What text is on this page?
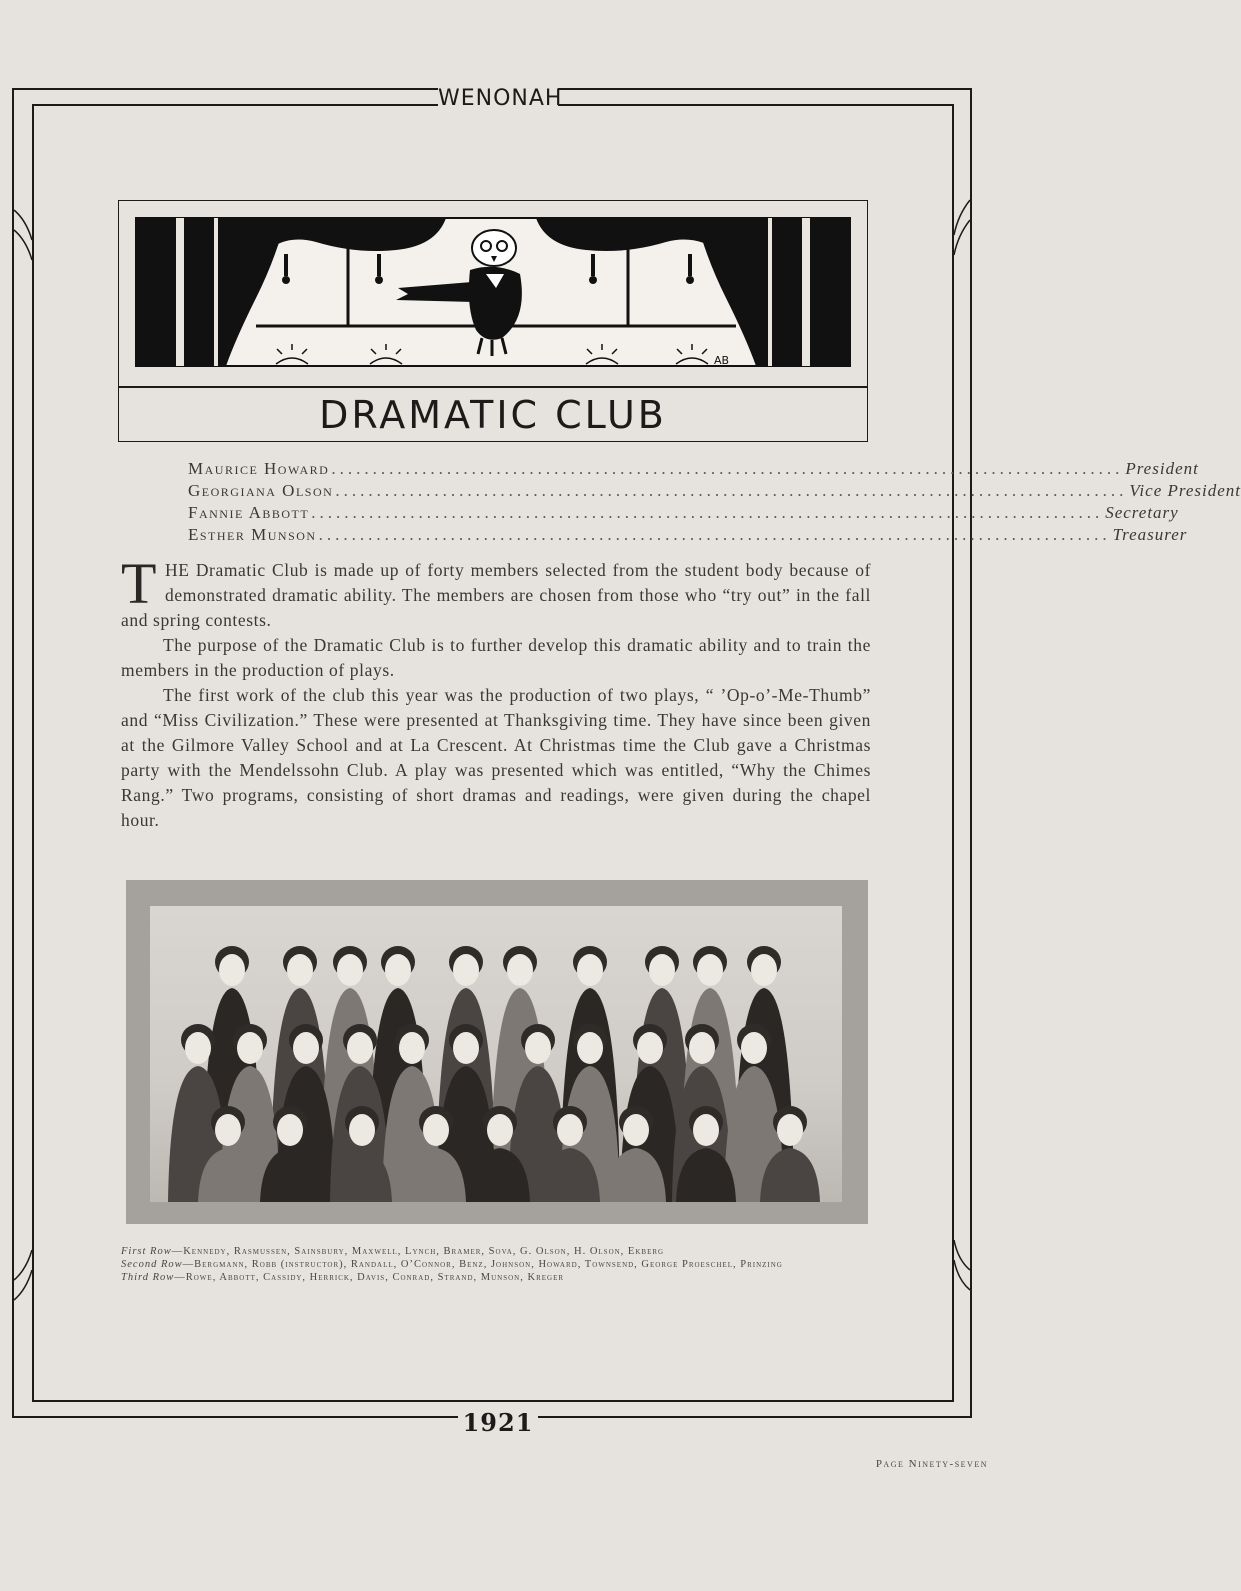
WENONAH
AB
DRAMATIC CLUB
Maurice Howard ................................................................................................ President
Georgiana Olson ................................................................................................ Vice President
Fannie Abbott ................................................................................................ Secretary
Esther Munson ................................................................................................ Treasurer

THE Dramatic Club is made up of forty members selected from the student body because of demonstrated dramatic ability. The members are chosen from those who “try out” in the fall and spring contests.

The purpose of the Dramatic Club is to further develop this dramatic ability and to train the members in the production of plays.

The first work of the club this year was the production of two plays, “ ’Op-o’-Me-Thumb” and “Miss Civilization.” These were presented at Thanksgiving time. They have since been given at the Gilmore Valley School and at La Crescent. At Christmas time the Club gave a Christmas party with the Mendelssohn Club. A play was presented which was entitled, “Why the Chimes Rang.” Two programs, consisting of short dramas and readings, were given during the chapel hour.

First Row—Kennedy, Rasmussen, Sainsbury, Maxwell, Lynch, Bramer, Sova, G. Olson, H. Olson, Ekberg
Second Row—Bergmann, Robb (instructor), Randall, O’Connor, Benz, Johnson, Howard, Townsend, George Proeschel, Prinzing
Third Row—Rowe, Abbott, Cassidy, Herrick, Davis, Conrad, Strand, Munson, Kreger
1921
Page Ninety-seven
